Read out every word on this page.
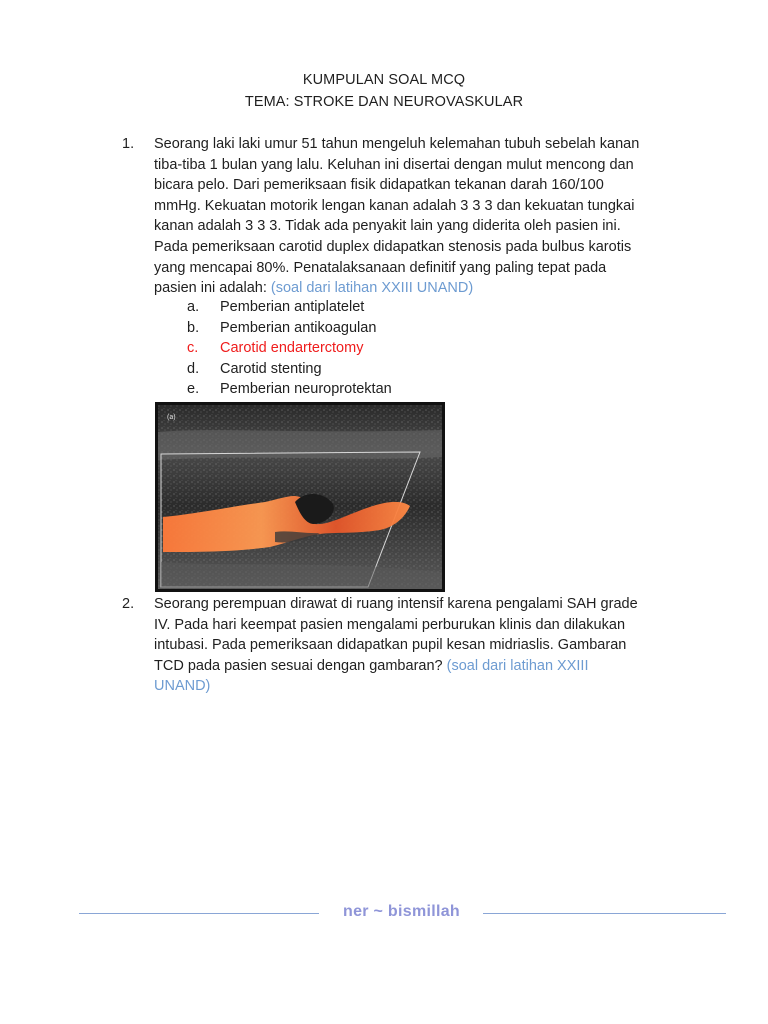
KUMPULAN SOAL MCQ
TEMA: STROKE DAN NEUROVASKULAR
1. Seorang laki laki umur 51 tahun mengeluh kelemahan tubuh sebelah kanan
tiba-tiba 1 bulan yang lalu. Keluhan ini disertai dengan mulut mencong dan
bicara pelo. Dari pemeriksaan fisik didapatkan tekanan darah 160/100
mmHg. Kekuatan motorik lengan kanan adalah 3 3 3 dan kekuatan tungkai
kanan adalah 3 3 3. Tidak ada penyakit lain yang diderita oleh pasien ini.
Pada pemeriksaan carotid duplex didapatkan stenosis pada bulbus karotis
yang mencapai 80%. Penatalaksanaan definitif yang paling tepat pada
pasien ini adalah: (soal dari latihan XXIII UNAND)
a. Pemberian antiplatelet
b. Pemberian antikoagulan
c. Carotid endarterctomy
d. Carotid stenting
e. Pemberian neuroprotektan
(a)
2. Seorang perempuan dirawat di ruang intensif karena pengalami SAH grade
IV. Pada hari keempat pasien mengalami perburukan klinis dan dilakukan
intubasi. Pada pemeriksaan didapatkan pupil kesan midriaslis. Gambaran
TCD pada pasien sesuai dengan gambaran? (soal dari latihan XXIII
UNAND)
ner ~ bismillah
